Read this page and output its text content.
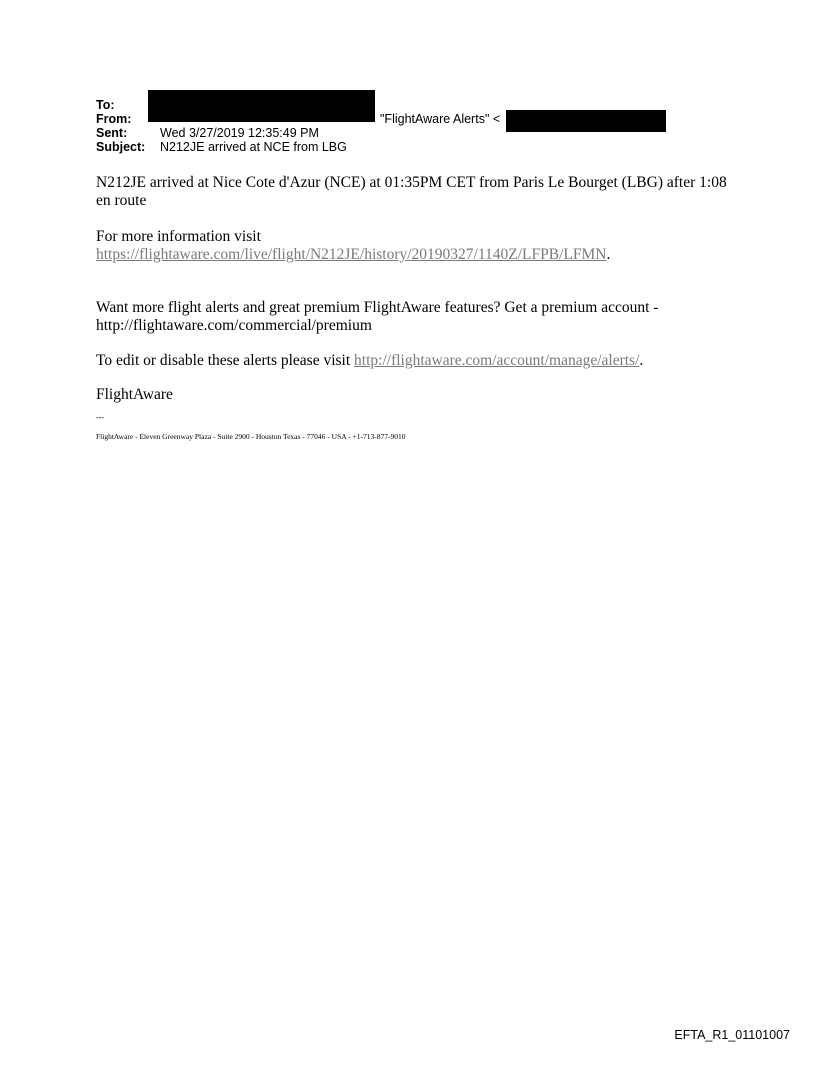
To:
From:	"FlightAware Alerts" <
Sent:	Wed 3/27/2019 12:35:49 PM
Subject: N212JE arrived at NCE from LBG
N212JE arrived at Nice Cote d'Azur (NCE) at 01:35PM CET from Paris Le Bourget (LBG) after 1:08 en route
For more information visit
https://flightaware.com/live/flight/N212JE/history/20190327/1140Z/LFPB/LFMN.
Want more flight alerts and great premium FlightAware features? Get a premium account - http://flightaware.com/commercial/premium
To edit or disable these alerts please visit http://flightaware.com/account/manage/alerts/.
FlightAware
---
FlightAware - Eleven Greenway Plaza - Suite 2900 - Houston Texas - 77046 - USA - +1-713-877-9010
EFTA_R1_01101007
